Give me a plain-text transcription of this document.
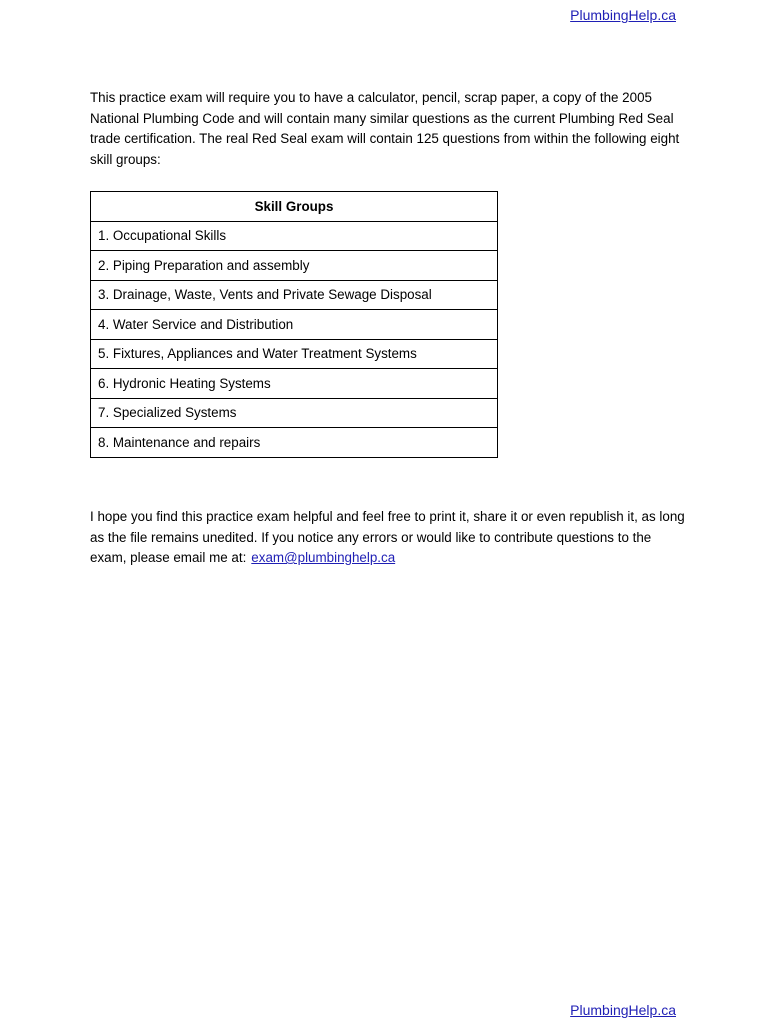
PlumbingHelp.ca

This practice exam will require you to have a calculator, pencil, scrap paper, a copy of the 2005 National Plumbing Code and will contain many similar questions as the current Plumbing Red Seal trade certification. The real Red Seal exam will contain 125 questions from within the following eight skill groups:

Skill Groups
1. Occupational Skills
2. Piping Preparation and assembly
3. Drainage, Waste, Vents and Private Sewage Disposal
4. Water Service and Distribution
5. Fixtures, Appliances and Water Treatment Systems
6. Hydronic Heating Systems
7. Specialized Systems
8. Maintenance and repairs

I hope you find this practice exam helpful and feel free to print it, share it or even republish it, as long as the file remains unedited. If you notice any errors or would like to contribute questions to the exam, please email me at: exam@plumbinghelp.ca

PlumbingHelp.ca
